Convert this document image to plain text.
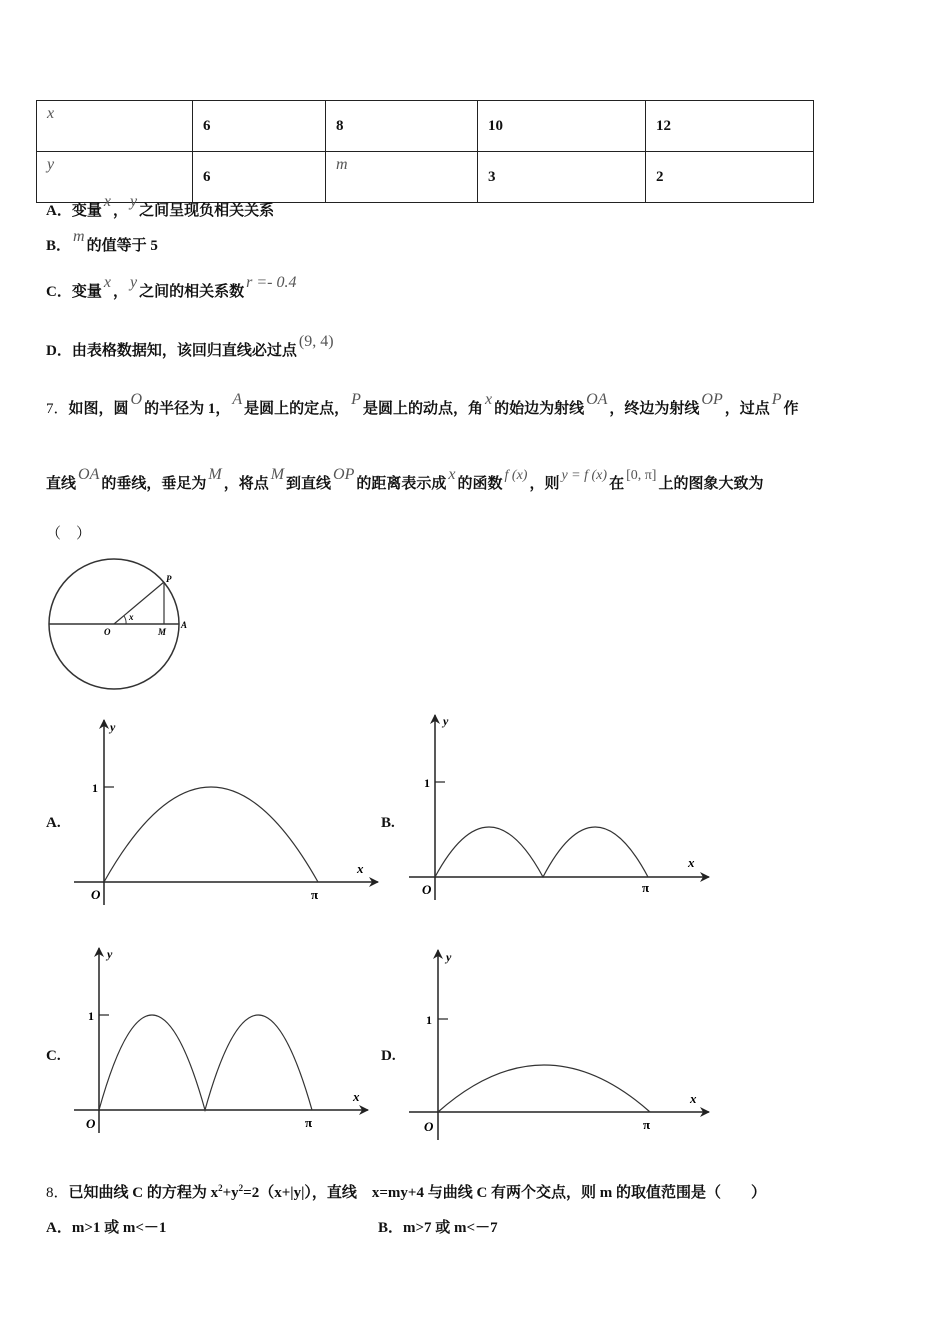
x	6	8	10	12
y	6	m	3	2
A．变量x，y之间呈现负相关关系
B．m的值等于 5
C．变量x，y之间的相关系数r =- 0.4
D．由表格数据知，该回归直线必过点(9, 4)
7．如图，圆O的半径为 1，A是圆上的定点，P是圆上的动点，角x的始边为射线OA，终边为射线OP，过点P作
直线OA的垂线，垂足为M，将点M到直线OP的距离表示成x的函数f (x)，则y = f (x)在[0, π]上的图象大致为
（　）
P
x
O	M
A
A.
y
x
O
1
π
B.
y
x
O
1
π
C.
y
x
O
1
π
D.
y
x
O
1
π
8．已知曲线 C 的方程为 $x^2+y^2=2(x+|y|)$，直线　x=my+4 与曲线 C 有两个交点，则 m 的取值范围是（　　）
A．m>1 或 m<－1	B．m>7 或 m<－7
